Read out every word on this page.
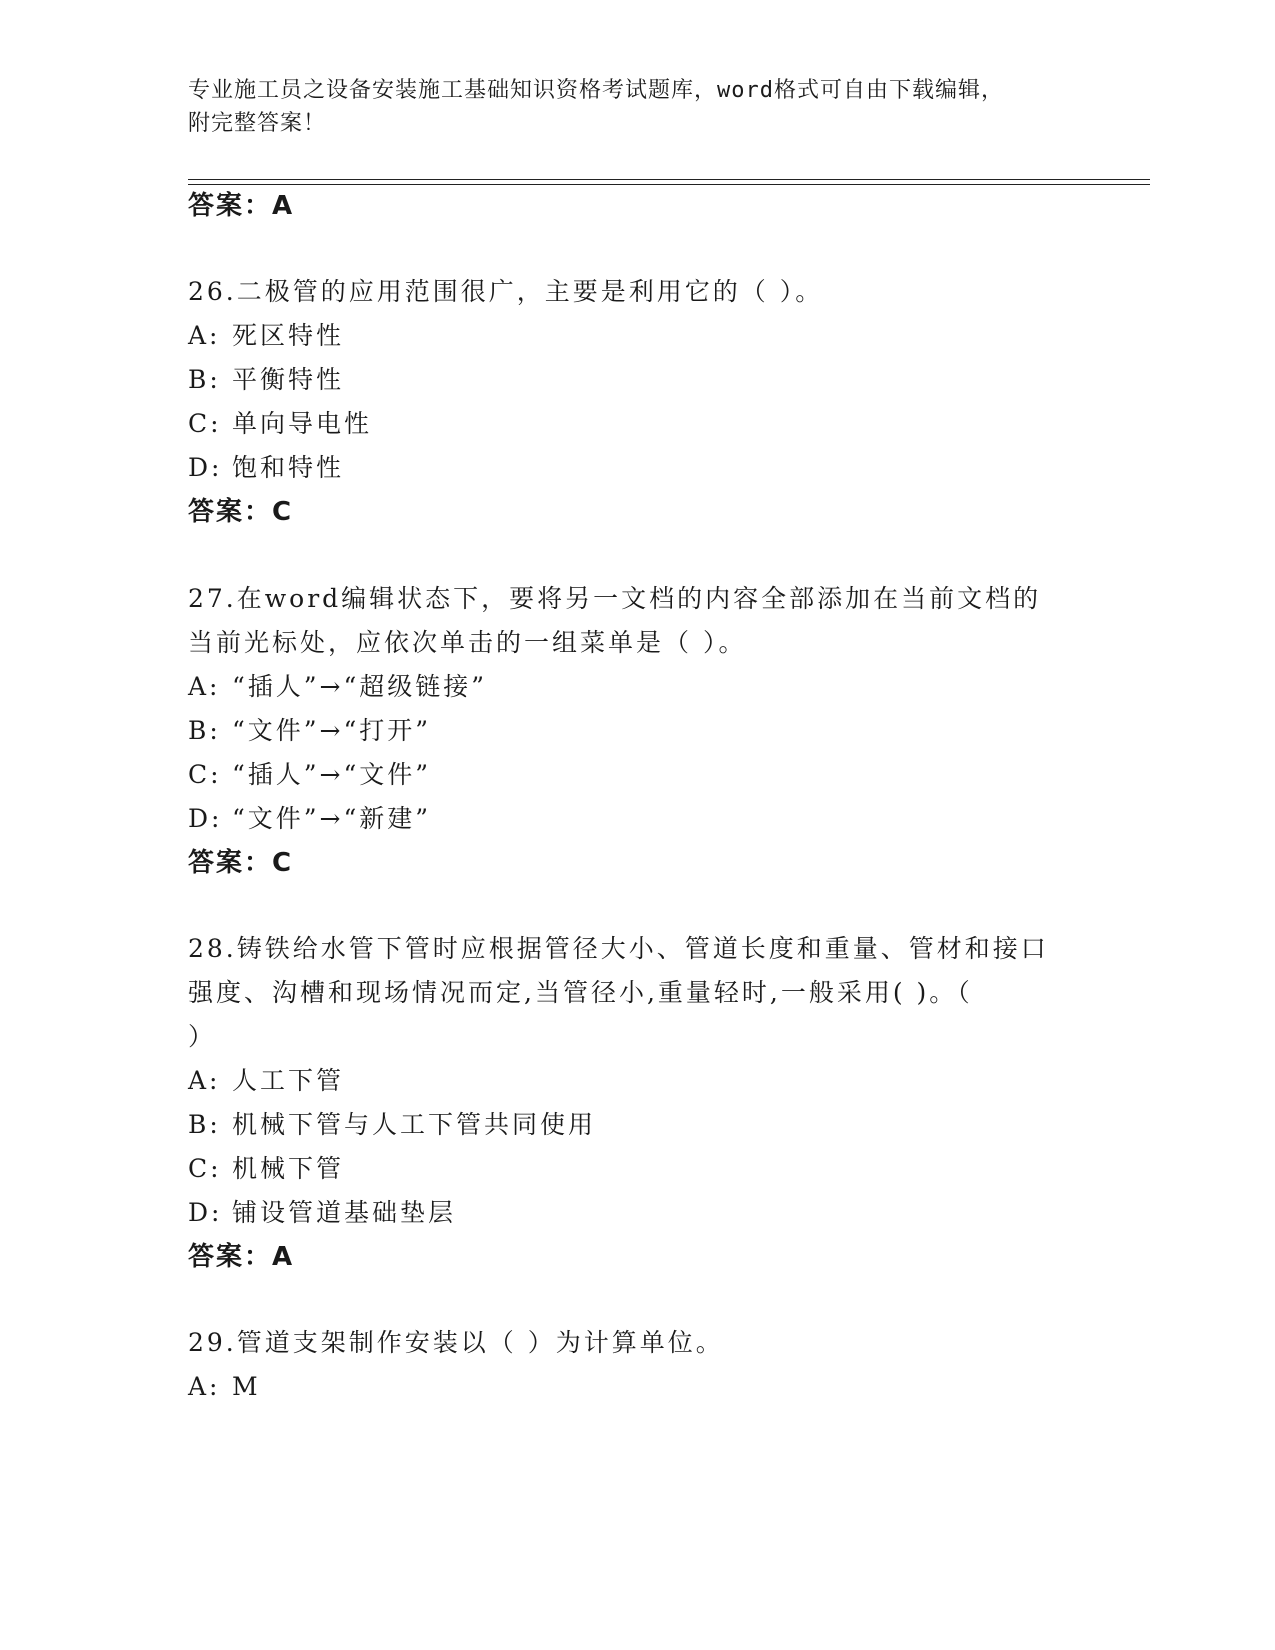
专业施工员之设备安装施工基础知识资格考试题库，word格式可自由下载编辑，
附完整答案！
答案：A
26.二极管的应用范围很广，主要是利用它的（ ）。
A: 死区特性
B: 平衡特性
C: 单向导电性
D: 饱和特性
答案：C
27.在word编辑状态下，要将另一文档的内容全部添加在当前文档的
当前光标处，应依次单击的一组菜单是（ ）。
A: “插人”→“超级链接”
B: “文件”→“打开”
C: “插人”→“文件”
D: “文件”→“新建”
答案：C
28.铸铁给水管下管时应根据管径大小、管道长度和重量、管材和接口
强度、沟槽和现场情况而定,当管径小,重量轻时,一般采用( )。（
）
A: 人工下管
B: 机械下管与人工下管共同使用
C: 机械下管
D: 铺设管道基础垫层
答案：A
29.管道支架制作安装以（ ）为计算单位。
A: M
